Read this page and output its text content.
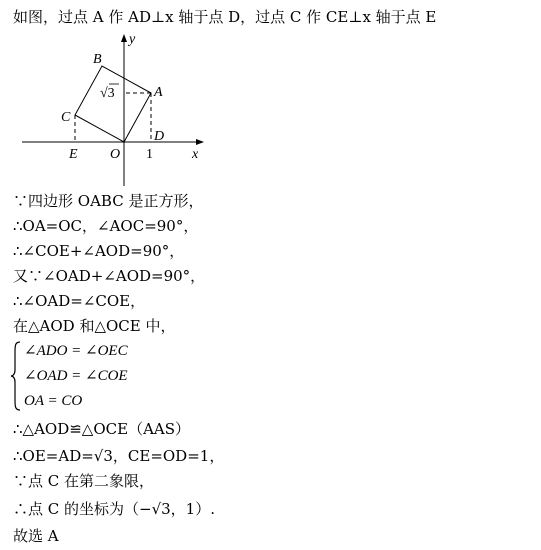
如图，过点 A 作 AD⊥x 轴于点 D，过点 C 作 CE⊥x 轴于点 E
B
A
C
D
E O 1	x
y
√3
∵四边形 OABC 是正方形，
∴OA=OC，∠AOC=90°，
∴∠COE+∠AOD=90°，
又∵∠OAD+∠AOD=90°，
∴∠OAD=∠COE，
在△AOD 和△OCE 中，
∠ADO = ∠OEC
∠OAD = ∠COE
OA = CO
∴△AOD≌△OCE（AAS）
∴OE=AD=√3，CE=OD=1，
∵点 C 在第二象限，
∴点 C 的坐标为（−√3，1）.
故选 A
